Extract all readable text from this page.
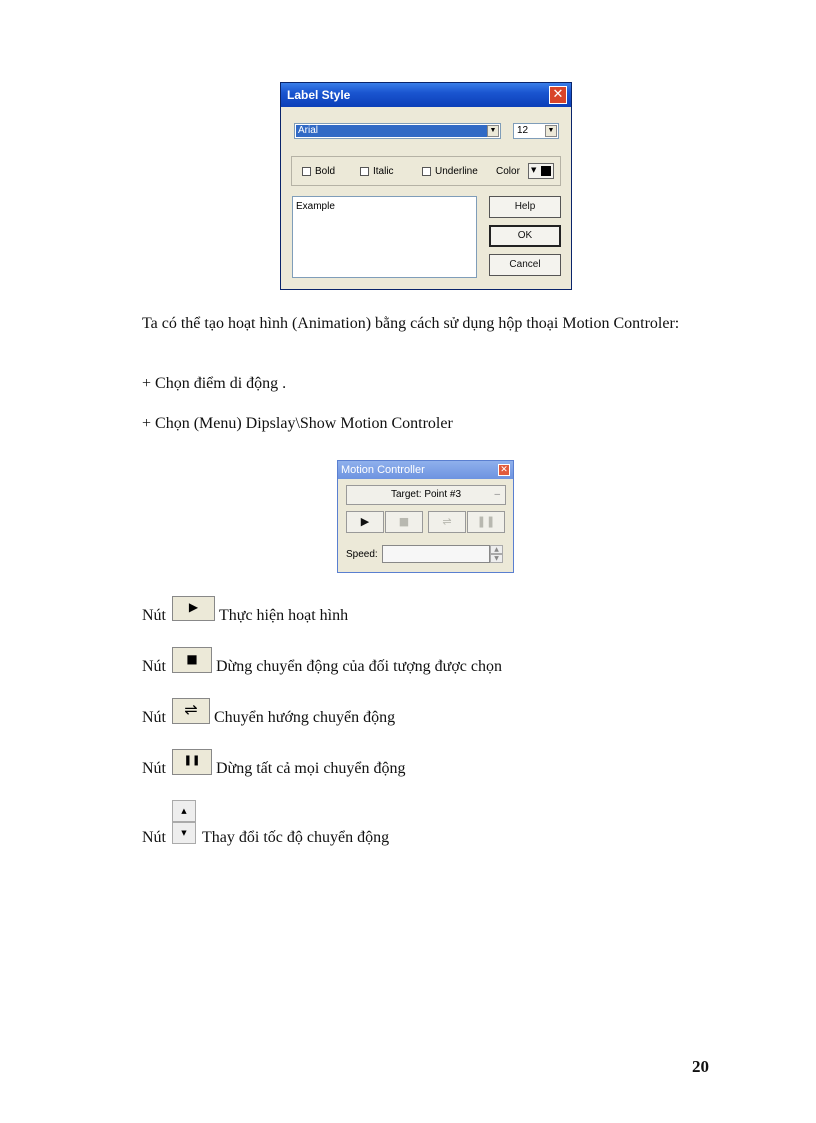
Label Style	✕
Arial	▼	12	▼
Bold	Italic	Underline Color ▼
Example	Help
OK
Cancel
Ta có thể tạo hoạt hình (Animation) bằng cách sử dụng hộp thoại Motion Controler:
+ Chọn điểm di động .
+ Chọn (Menu) Dipslay\Show Motion Controler
Motion Controller	✕
Target: Point #3	–
▶	■	⇌	❚❚
Speed:	▲
▼
Nút	▶	Thực hiện hoạt hình
Nút	■	Dừng chuyển động của đối tượng được chọn
Nút	⇌	Chuyển hướng chuyển động
Nút	❚❚ Dừng tất cả mọi chuyển động
Nút
▲
▼ Thay đổi tốc độ chuyển động
20
